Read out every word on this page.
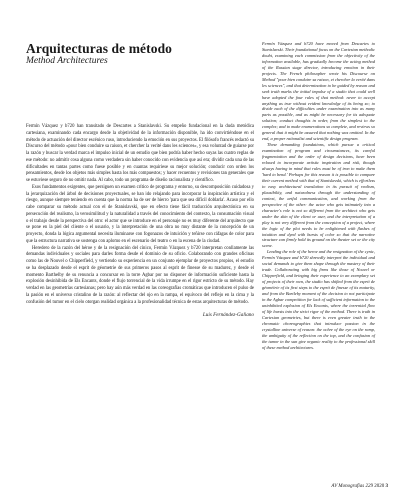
Arquitecturas de método
Method Architectures

Fermín Vázquez y b720 han transitado de Descartes a Stanislavski. Su empeño fundacional en la duda metódica cartesiana, examinando cada encargo desde la objetividad de la información disponible, ha ido convirtiéndose en el método de actuación del director escénico ruso, introduciendo la emoción en sus proyectos. El filósofo francés redactó su Discurso del método «pour bien conduire sa raison, et chercher la verité dans les sciences», y esa voluntad de guiarse por la razón y buscar la verdad marca el impulso inicial de un estudio que bien podría haber hecho suyas las cuatro reglas de ese método: no admitir cosa alguna como verdadera sin haber conocido con evidencia que así era; dividir cada una de las dificultades en tantas partes como fuese posible y en cuantas requiriese su mejor solución; conducir con orden los pensamientos, desde los objetos más simples hasta los más compuestos; y hacer recuentos y revisiones tan generales que se estuviese seguro de no omitir nada. Al cabo, todo un programa de diseño racionalista y científico.

Esos fundamentos exigentes, que persiguen un examen crítico de programa y entorno, su descomposición cuidadosa y la jerarquización del árbol de decisiones proyectuales, se han ido relajando para incorporar la inspiración artística y el riesgo, aunque siempre teniendo en cuenta que la norma ha de ser de hierro 'para que sea difícil doblarla'. Acaso por ello cabe comparar su método actual con el de Stanislavski, que en efecto tiene fácil traducción arquitectónica en su persecución del realismo, la verosimilitud y la naturalidad a través del conocimiento del contexto, la consumación visual o el trabajo desde la perspectiva del otro: el actor que se introduce en el personaje no es muy diferente del arquitecto que se pone en la piel del cliente o el usuario, y la interpretación de una obra no muy distante de la concepción de un proyecto, donda la lógica argumental necesita iluminarse con fogonazos de intuición y teñirse con ráfagas de color para que la estructura narrativa se sostenga con aplomo en el escenario del teatro o en la escena de la ciudad.

Heredero de la razón del héroe y de la resignación del cínico, Fermín Vázquez y b720 interpretan conllamente las demandas individuales y sociales para darles forma desde el dominio de su oficio. Colaborando con grandes oficinas como las de Nouvel o Chipperfield, y vertiendo su experiencia en un conjunto ejemplar de proyectos propios, el estudio se ha desplazado desde el esprit de géometrie de sus primeros pasos al esprit de finesse de su madurez, y desde el momento Barthelby de su renuncia a concursar en la torre Agbar por no disponer de información suficiente hasta la explosión desinhibida de Els Encants, donde el flujo torrencial de la vida irrumpe en el rigor estricto de su método. Hay verdad en las geometrías cartesianas; pero hay aún más verdad en las coreografías cromáticas que introducen el pulso de la pasión en el universo cristalino de la razón: al reflectar del ojo en la rampa, el equívoco del reflejo en la cima y la confusión del tumor en el cielo otorgan realidad orgánica a la profesionalidad técnica de estas arquitecturas de método.

Luis Fernández-Galiano

Fermín Vázquez and b720 have moved from Descartes to Stanislavski. Their foundational focus on the Cartesian methodic doubt, examining each commission from the objectivity of the information available, has gradually become the acting method of the Russian stage director, introducing emotion in their projects. The French philosopher wrote his Discourse on Method "pour bien conduire sa raison, et chercher la verité dans les sciences", and that determination to be guided by reason and seek truth marks the initial impulse of a studio that could well have adopted the four rules of that method: never to accept anything as true without evident knowledge of its being so; to divide each of the difficulties under examination into as many parts as possible, and as might be necessary for its adequate solution; conduct thoughts in order, from the simplest to the complex; and to make enumerations so complete, and reviews so general that it might be assured that nothing was omitted. In the end, a proper rationalist and scientific design program.

These demanding foundations, which pursue a critical examination of program and circumstances, its careful fragmentation and the order of design decisions, have been relaxed to incorporate artistic inspiration and risk, though always having in mind that rules must be of iron to make them 'hard to bend.' Perhaps for this reason it is possible to compare their current method with that of Stanislavski, which is effortless to easy architectural translation in its pursuit of realism, plausibility, and naturalness through the understanding of context, the artful communication, and working from the perspective of the other: the actor who gets intimately into a character's role is not so different from the architect who gets under the skin of the client or user, and the interpretation of a play is not very different from the conception of a project, where the logic of the plot needs to be enlightened with flashes of intuition and dyed with bursts of color so that the narrative structure can firmly hold its ground on the theater set or the city scene.

Lending the role of the heroe and the resignation of the cynic, Fermín Vázquez and b720 shrewdly interpret the individual and social demands to give them shape through the mastery of their trade. Collaborating with big firms like those of Nouvel or Chipperfield, and bringing their experience to an exemplary set of projects of their own, the studio has shifted from the esprit de géométrie of its first steps to the esprit de finesse of its maturity, and from the Bartleby moment of the decision to not participate in the Agbar competition for lack of sufficient information to the uninhibited explosion of Els Encants, where the torrential flow of life bursts into the strict rigor of the method. There is truth in Cartesian geometries, but there is even greater truth in the chromatic choreographies that introduce passion in the crystalline universe of reason: the ochre of the eye on the ramp, the ambiguity of the reflection on the top, and the confusion of the tumor in the sun give organic reality to the professional skill of these method architectures.

AV Monografías 229 2020 3
